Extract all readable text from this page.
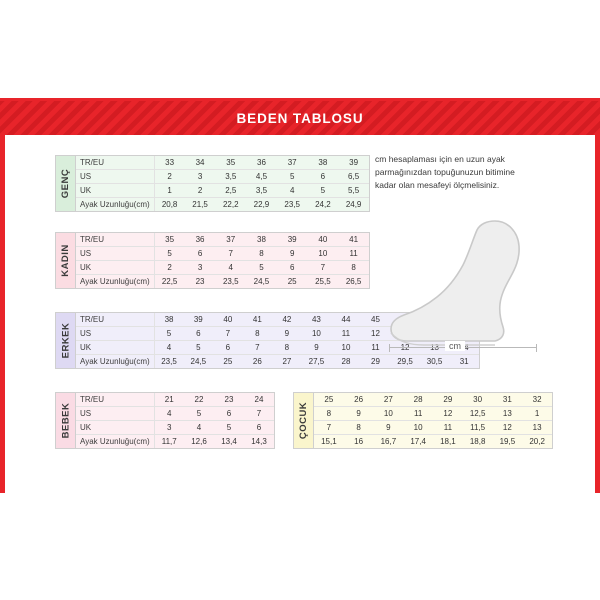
BEDEN TABLOSU
GENÇ
TR/EU	33	34	35	36	37	38	39
US	2	3	3,5	4,5	5	6	6,5
UK	1	2	2,5	3,5	4	5	5,5
Ayak Uzunluğu(cm)	20,8	21,5	22,2	22,9	23,5	24,2	24,9
KADIN
TR/EU	35	36	37	38	39	40	41
US	5	6	7	8	9	10	11
UK	2	3	4	5	6	7	8
Ayak Uzunluğu(cm)	22,5	23	23,5	24,5	25	25,5	26,5
ERKEK
TR/EU	38	39	40	41	42	43	44	45			
US	5	6	7	8	9	10	11	12			
UK	4	5	6	7	8	9	10	11			
Ayak Uzunluğu(cm)	23,5	24,5	25	26	27	27,5	28	29	29,5	30,5	31
BEBEK
TR/EU	21	22	23	24
US	4	5	6	7
UK	3	4	5	6
Ayak Uzunluğu(cm)	11,7	12,6	13,4	14,3
ÇOCUK
25	26	27	28	29	30	31	32
8	9	10	11	12	12,5	13	1
7	8	9	10	11	11,5	12	13
15,1	16	16,7	17,4	18,1	18,8	19,5	20,2
cm hesaplaması için en uzun ayak parmağınızdan topuğunuzun bitimine kadar olan mesafeyi ölçmelisiniz.
cm
